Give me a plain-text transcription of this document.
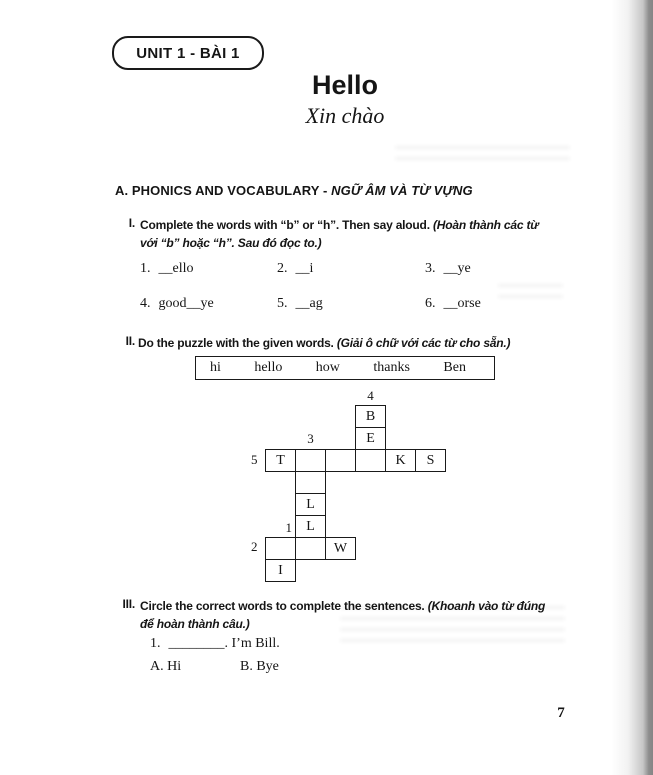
UNIT 1 - BÀI 1
Hello
Xin chào
A. PHONICS AND VOCABULARY - NGỮ ÂM VÀ TỪ VỰNG
I. Complete the words with “b” or “h”. Then say aloud. (Hoàn thành các từ
với “b” hoặc “h”. Sau đó đọc to.)
1. __ello	2. __i	3. __ye
4. good__ye	5. __ag	6. __orse
II. Do the puzzle with the given words. (Giải ô chữ với các từ cho sẵn.)
hi hello how thanks Ben
4
3
5
1
2
B
E
T	K	S
L
L
W
I
III. Circle the correct words to complete the sentences. (Khoanh vào từ đúng
để hoàn thành câu.)
1. ________. I’m Bill.
A. Hi	B. Bye
7
